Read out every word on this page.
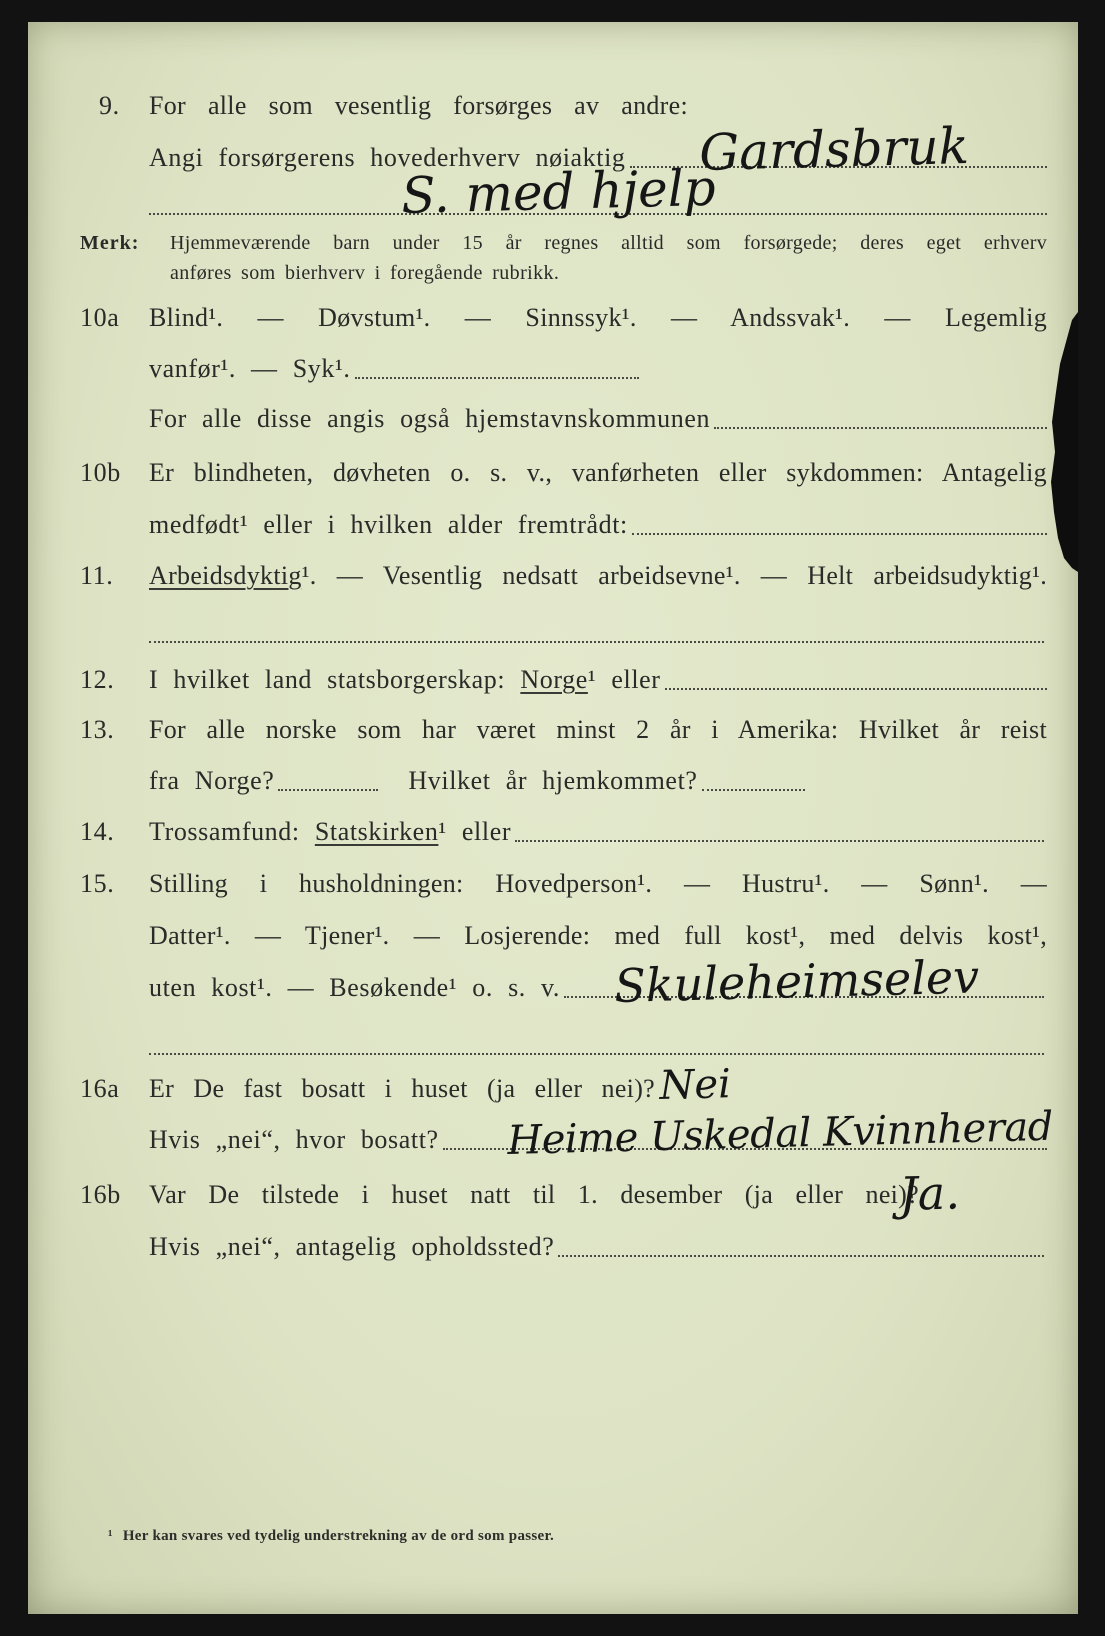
9.	For alle som vesentlig forsørges av andre:
Angi forsørgerens hovederhverv nøiaktig Gardsbruk
S. med hjelp
Merk:	Hjemmeværende barn under 15 år regnes alltid som forsørgede; deres eget erhverv
anføres som bierhverv i foregående rubrikk.
10a	Blind¹. — Døvstum¹. — Sinnssyk¹. — Andssvak¹. — Legemlig
vanfør¹. — Syk¹.
For alle disse angis også hjemstavnskommunen
10b	Er blindheten, døvheten o. s. v., vanførheten eller sykdommen: Antagelig
medfødt¹ eller i hvilken alder fremtrådt:
11.	Arbeidsdyktig¹. — Vesentlig nedsatt arbeidsevne¹. — Helt arbeidsudyktig¹.
12.	I hvilket land statsborgerskap: Norge¹ eller
13.	For alle norske som har været minst 2 år i Amerika: Hvilket år reist
fra Norge?	Hvilket år hjemkommet?
14.	Trossamfund: Statskirken¹ eller
15.	Stilling i husholdningen: Hovedperson¹. — Hustru¹. — Sønn¹. —
Datter¹. — Tjener¹. — Losjerende: med full kost¹, med delvis kost¹,
uten kost¹. — Besøkende¹ o. s. v. Skuleheimselev
16a	Er De fast bosatt i huset (ja eller nei)?
Hvis „nei“, hvor bosatt?
Nei
Heime Uskedal Kvinnherad
16b	Var De tilstede i huset natt til 1. desember (ja eller nei)?
Hvis „nei“, antagelig opholdssted?
Ja.
¹ Her kan svares ved tydelig understrekning av de ord som passer.
